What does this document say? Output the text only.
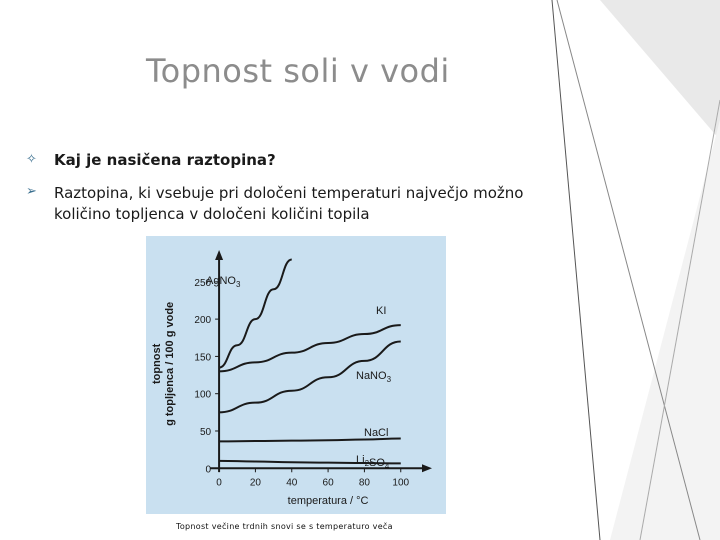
Topnost soli v vodi
✧ Kaj je nasičena raztopina?
➢ Raztopina, ki vsebuje pri določeni temperaturi največjo možno količino topljenca v določeni količini topila
0
50
100
150
200
250
0	20	40	60	80 100
temperatura / °C
topnost g topljenca / 100 g vode
AgNO$_3$
KI
NaNO$_3$
NaCl
$Li_2SO_4$
Topnost večine trdnih snovi se s temperaturo veča
